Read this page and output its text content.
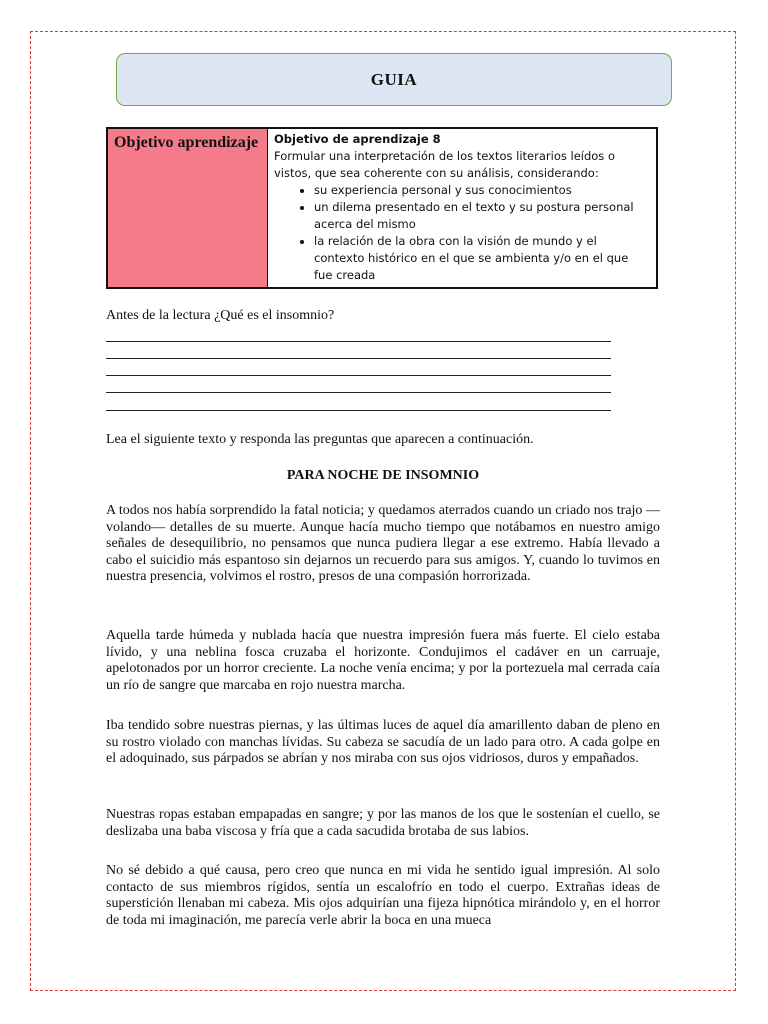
GUIA
Objetivo aprendizaje	Objetivo de aprendizaje 8
Formular una interpretación de los textos literarios leídos o vistos, que sea coherente con su análisis, considerando:
• su experiencia personal y sus conocimientos
• un dilema presentado en el texto y su postura personal acerca del mismo
• la relación de la obra con la visión de mundo y el contexto histórico en el que se ambienta y/o en el que fue creada
Antes de la lectura ¿Qué es el insomnio?
Lea el siguiente texto y responda las preguntas que aparecen a continuación.
PARA NOCHE DE INSOMNIO

A todos nos había sorprendido la fatal noticia; y quedamos aterrados cuando un criado nos trajo —volando— detalles de su muerte. Aunque hacía mucho tiempo que notábamos en nuestro amigo señales de desequilibrio, no pensamos que nunca pudiera llegar a ese extremo. Había llevado a cabo el suicidio más espantoso sin dejarnos un recuerdo para sus amigos. Y, cuando lo tuvimos en nuestra presencia, volvimos el rostro, presos de una compasión horrorizada.

Aquella tarde húmeda y nublada hacía que nuestra impresión fuera más fuerte. El cielo estaba lívido, y una neblina fosca cruzaba el horizonte. Condujimos el cadáver en un carruaje, apelotonados por un horror creciente. La noche venía encima; y por la portezuela mal cerrada caía un río de sangre que marcaba en rojo nuestra marcha.

Iba tendido sobre nuestras piernas, y las últimas luces de aquel día amarillento daban de pleno en su rostro violado con manchas lívidas. Su cabeza se sacudía de un lado para otro. A cada golpe en el adoquinado, sus párpados se abrían y nos miraba con sus ojos vidriosos, duros y empañados.

Nuestras ropas estaban empapadas en sangre; y por las manos de los que le sostenían el cuello, se deslizaba una baba viscosa y fría que a cada sacudida brotaba de sus labios.

No sé debido a qué causa, pero creo que nunca en mi vida he sentido igual impresión. Al solo contacto de sus miembros rígidos, sentía un escalofrío en todo el cuerpo. Extrañas ideas de superstición llenaban mi cabeza. Mis ojos adquirían una fijeza hipnótica mirándolo y, en el horror de toda mi imaginación, me parecía verle abrir la boca en una mueca
